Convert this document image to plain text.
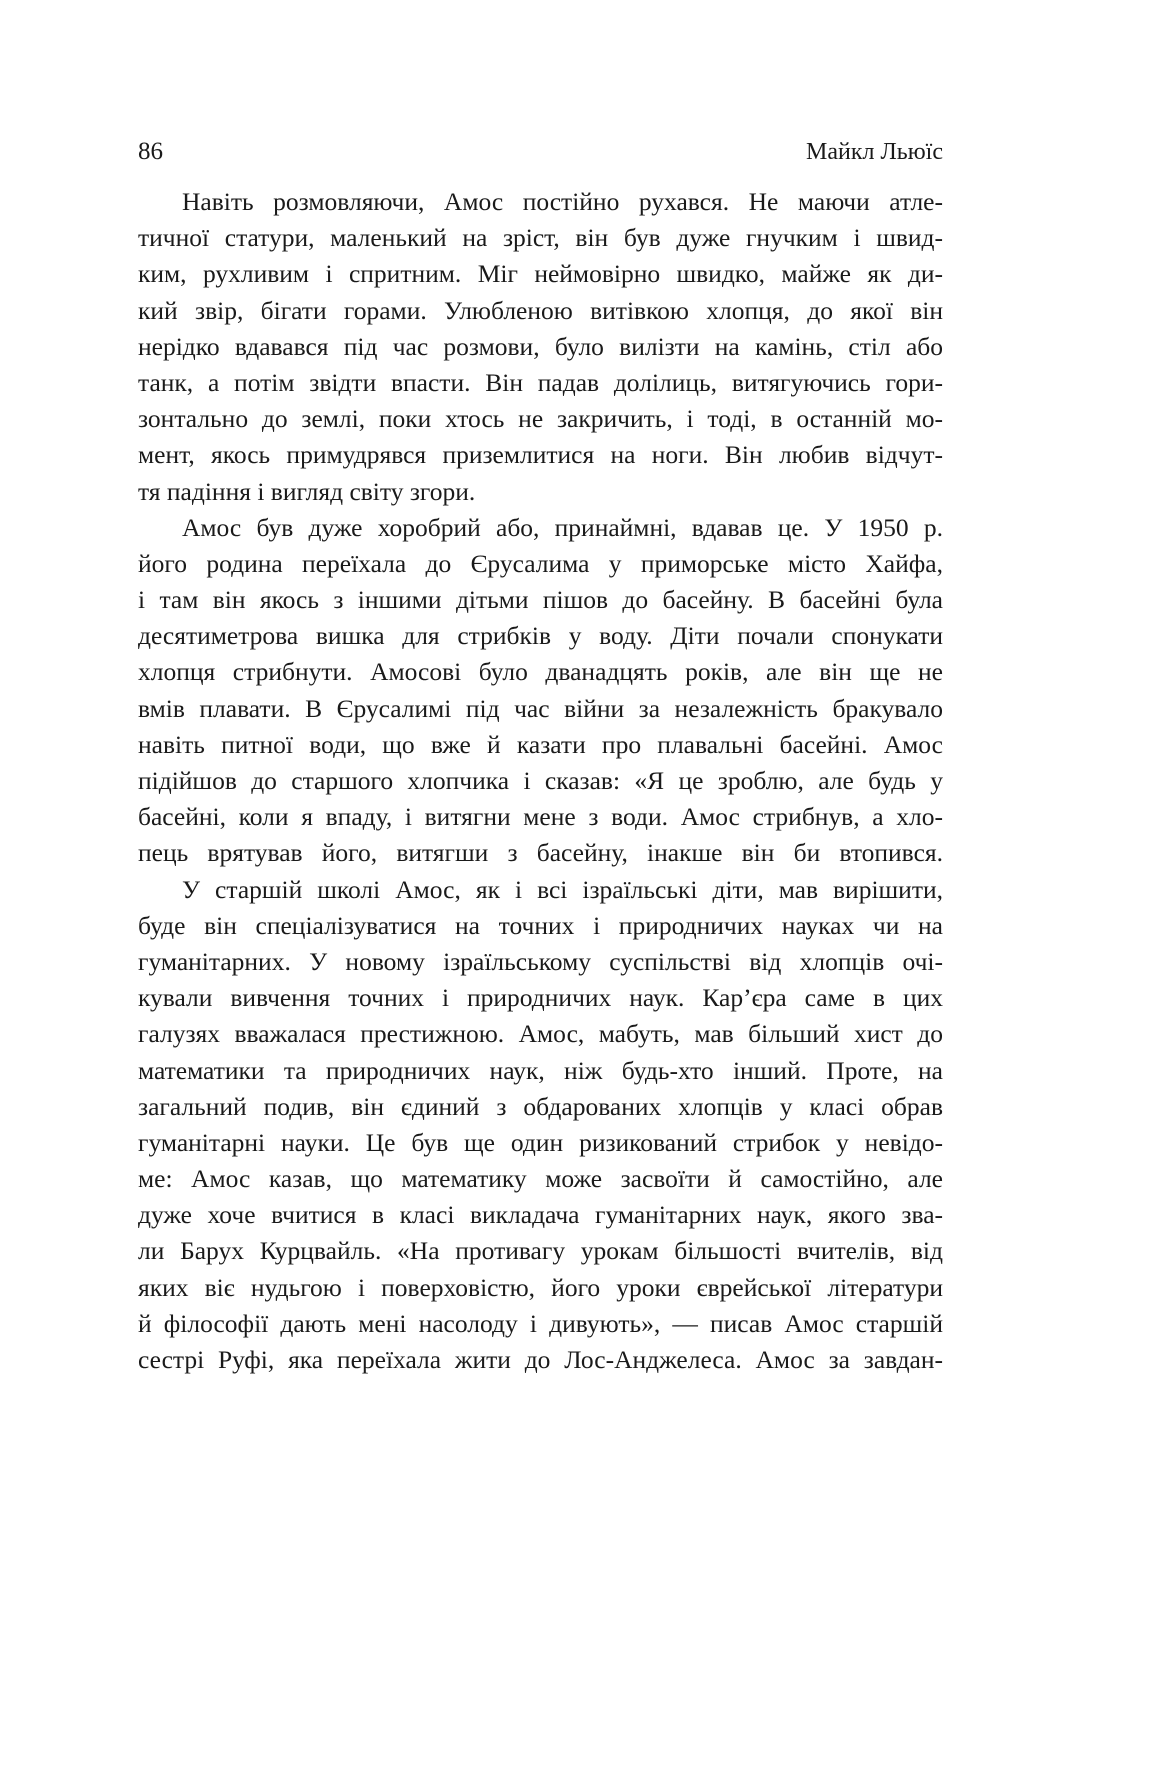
86	Майкл Льюїс
Навіть розмовляючи, Амос постійно рухався. Не маючи атле-
тичної статури, маленький на зріст, він був дуже гнучким і швид-
ким, рухливим і спритним. Міг неймовірно швидко, майже як ди-
кий звір, бігати горами. Улюбленою витівкою хлопця, до якої він
нерідко вдавався під час розмови, було вилізти на камінь, стіл або
танк, а потім звідти впасти. Він падав долілиць, витягуючись гори-
зонтально до землі, поки хтось не закричить, і тоді, в останній мо-
мент, якось примудрявся приземлитися на ноги. Він любив відчут-
тя падіння і вигляд світу згори.
Амос був дуже хоробрий або, принаймні, вдавав це. У 1950 р.
його родина переїхала до Єрусалима у приморське місто Хайфа,
і там він якось з іншими дітьми пішов до басейну. В басейні була
десятиметрова вишка для стрибків у воду. Діти почали спонукати
хлопця стрибнути. Амосові було дванадцять років, але він ще не
вмів плавати. В Єрусалимі під час війни за незалежність бракувало
навіть питної води, що вже й казати про плавальні басейні. Амос
підійшов до старшого хлопчика і сказав: «Я це зроблю, але будь у
басейні, коли я впаду, і витягни мене з води. Амос стрибнув, а хло-
пець врятував його, витягши з басейну, інакше він би втопився.
У старшій школі Амос, як і всі ізраїльські діти, мав вирішити,
буде він спеціалізуватися на точних і природничих науках чи на
гуманітарних. У новому ізраїльському суспільстві від хлопців очі-
кували вивчення точних і природничих наук. Кар’єра саме в цих
галузях вважалася престижною. Амос, мабуть, мав більший хист до
математики та природничих наук, ніж будь-хто інший. Проте, на
загальний подив, він єдиний з обдарованих хлопців у класі обрав
гуманітарні науки. Це був ще один ризикований стрибок у невідо-
ме: Амос казав, що математику може засвоїти й самостійно, але
дуже хоче вчитися в класі викладача гуманітарних наук, якого зва-
ли Барух Курцвайль. «На противагу урокам більшості вчителів, від
яких віє нудьгою і поверховістю, його уроки єврейської літератури
й філософії дають мені насолоду і дивують», — писав Амос старшій
сестрі Руфі, яка переїхала жити до Лос-Анджелеса. Амос за завдан-
